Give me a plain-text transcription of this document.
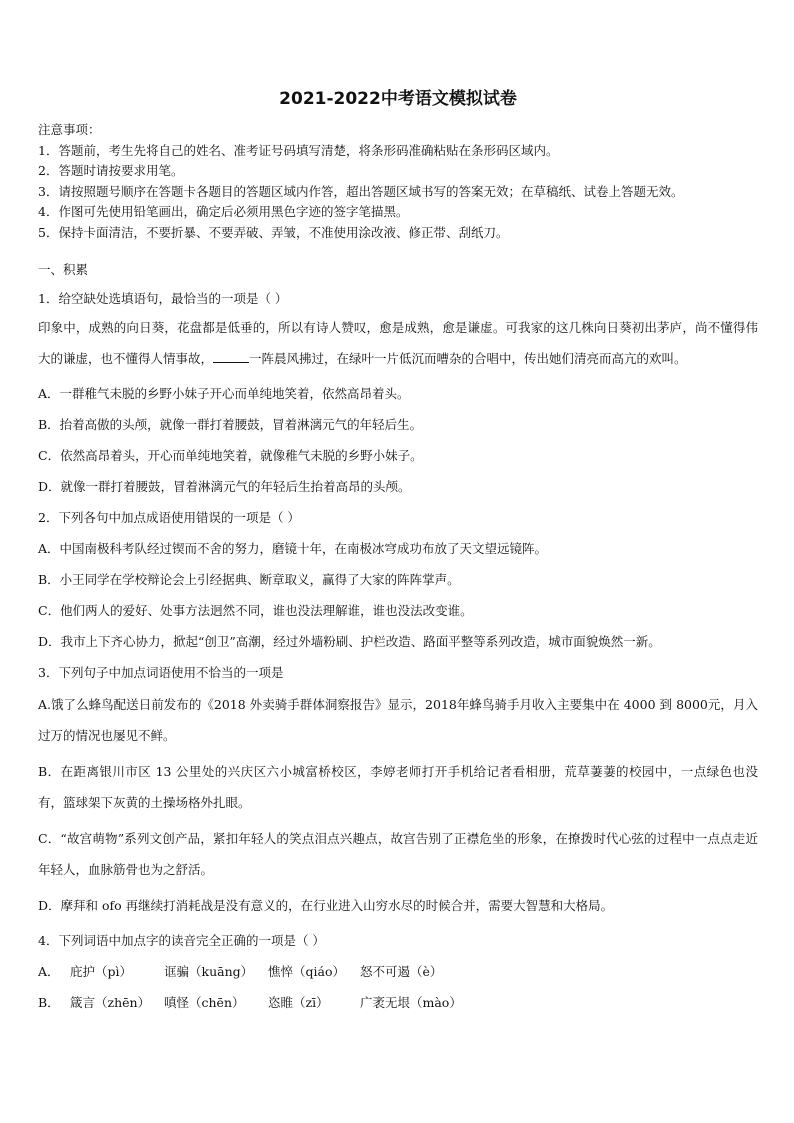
2021-2022中考语文模拟试卷
注意事项：
1．答题前，考生先将自己的姓名、准考证号码填写清楚，将条形码准确粘贴在条形码区域内。
2．答题时请按要求用笔。
3．请按照题号顺序在答题卡各题目的答题区域内作答，超出答题区域书写的答案无效；在草稿纸、试卷上答题无效。
4．作图可先使用铅笔画出，确定后必须用黑色字迹的签字笔描黑。
5．保持卡面清洁，不要折暴、不要弄破、弄皱，不准使用涂改液、修正带、刮纸刀。
一、积累
1．给空缺处选填语句，最恰当的一项是（ ）
印象中，成熟的向日葵，花盘都是低垂的，所以有诗人赞叹，愈是成熟，愈是谦虚。可我家的这几株向日葵初出茅庐，尚不懂得伟大的谦虚，也不懂得人情事故，	一阵晨风拂过，在绿叶一片低沉而嘈杂的合唱中，传出她们清亮而高亢的欢叫。
A．一群稚气未脱的乡野小妹子开心而单纯地笑着，依然高昂着头。
B．抬着高傲的头颅，就像一群打着腰鼓，冒着淋漓元气的年轻后生。
C．依然高昂着头，开心而单纯地笑着，就像稚气未脱的乡野小妹子。
D．就像一群打着腰鼓，冒着淋漓元气的年轻后生抬着高昂的头颅。
2．下列各句中加点成语使用错误的一项是（ ）
A．中国南极科考队经过锲而不舍的努力，磨镜十年，在南极冰穹成功布放了天文望远镜阵。
B．小王同学在学校辩论会上引经据典、断章取义，赢得了大家的阵阵掌声。
C．他们两人的爱好、处事方法迥然不同，谁也没法理解谁，谁也没法改变谁。
D．我市上下齐心协力，掀起“创卫”高潮，经过外墙粉刷、护栏改造、路面平整等系列改造，城市面貌焕然一新。
3．下列句子中加点词语使用不恰当的一项是
A.饿了么蜂鸟配送日前发布的《2018 外卖骑手群体洞察报告》显示，2018年蜂鸟骑手月收入主要集中在 4000 到 8000元，月入过万的情况也屡见不鲜。
B．在距离银川市区 13 公里处的兴庆区六小城富桥校区，李婷老师打开手机给记者看相册，荒草萋萋的校园中，一点绿色也没有，篮球架下灰黄的土操场格外扎眼。
C．“故宫萌物”系列文创产品，紧扣年轻人的笑点泪点兴趣点，故宫告别了正襟危坐的形象，在撩拨时代心弦的过程中一点点走近年轻人，血脉筋骨也为之舒活。
D．摩拜和 ofo 再继续打消耗战是没有意义的，在行业进入山穷水尽的时候合并，需要大智慧和大格局。
4．下列词语中加点字的读音完全正确的一项是（ ）
A． 庇护（pì）	诓骗（kuāng）	憔悴（qiáo）	怒不可遏（è）
B． 箴言（zhēn）	嗔怪（chēn）	恣睢（zī）	广袤无垠（mào）
